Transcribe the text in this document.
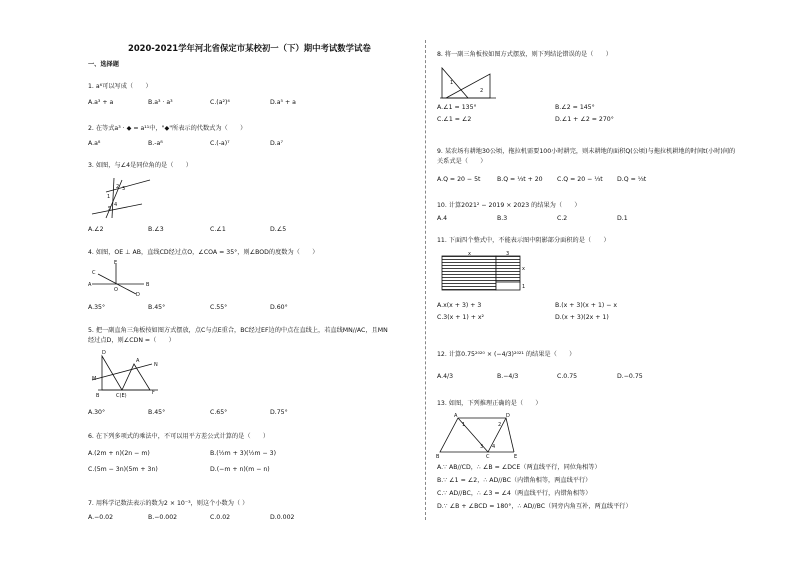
2020-2021学年河北省保定市某校初一（下）期中考试数学试卷
一、选择题
1. a⁶可以写成（　　）
A.a³ + a	B.a³ · a³	C.(a²)⁴	D.a⁵ + a
2. 在等式a³ · ◆ = a¹¹中，"◆"所表示的代数式为（　　）
A.a⁸	B.-a⁸	C.(-a)⁷	D.a⁷
3. 如图，与∠4是同位角的是（　　）
2 3
1
4
5
A.∠2	B.∠3	C.∠1	D.∠5
4. 如图，OE ⊥ AB，直线CD经过点O，∠COA = 35°，则∠BOD的度数为（　　）
E
A
C
O
B
D
A.35°	B.45°	C.55°	D.60°
5. 把一副直角三角板按如图方式摆放，点C与点E重合，BC经过EF边的中点在直线上，若直线MN//AC，且MN
经过点D，则∠CDN =（　　）
D
M
A
F
N
B	C(E)
A.30°	B.45°	C.65°	D.75°
6. 在下列多项式的乘法中，不可以用平方差公式计算的是（　　）
A.(2m + n)(2n − m)	B.(½m + 3)(½m − 3)
C.(5m − 3n)(5m + 3n)	D.(−m + n)(m − n)
7. 用科学记数法表示的数为2 × 10⁻³，则这个小数为（ ）
A.−0.02	B.−0.002	C.0.02	D.0.002
8. 将一副三角板按如图方式摆放，则下列结论错误的是（　　）
1
2
A.∠1 = 135°	B.∠2 = 145°
C.∠1 = ∠2	D.∠1 + ∠2 = 270°
9. 某农场有耕地30公顷，拖拉机需要100小时耕完，则未耕地的面积Q(公顷)与拖拉机耕地的时间t(小时)间的
关系式是（　　）
A.Q = 20 − 5t	B.Q = ⅓t + 20 C.Q = 20 − ⅓t D.Q = ⅓t
10. 计算2021² − 2019 × 2023 的结果为（　　）
A.4	B.3	C.2	D.1
11. 下面四个整式中，不能表示图中阴影部分面积的是（　　）
x	3
x
1
A.x(x + 3) + 3	B.(x + 3)(x + 1) − x
C.3(x + 1) + x²	D.(x + 3)(2x + 1)
12. 计算0.75²⁰²⁰ × (−4/3)²⁰²¹ 的结果是（　　）
A.4/3	B.−4/3	C.0.75	D.−0.75
13. 如图，下列推理正确的是（　　）
A	D
B	C	E
1	2
3 4
A.∵ AB//CD，∴ ∠B = ∠DCE（两直线平行，同位角相等）
B.∵ ∠1 = ∠2，∴ AD//BC（内错角相等，两直线平行）
C.∵ AD//BC，∴ ∠3 = ∠4（两直线平行，内错角相等）
D.∵ ∠B + ∠BCD = 180°，∴ AD//BC（同旁内角互补，两直线平行）
